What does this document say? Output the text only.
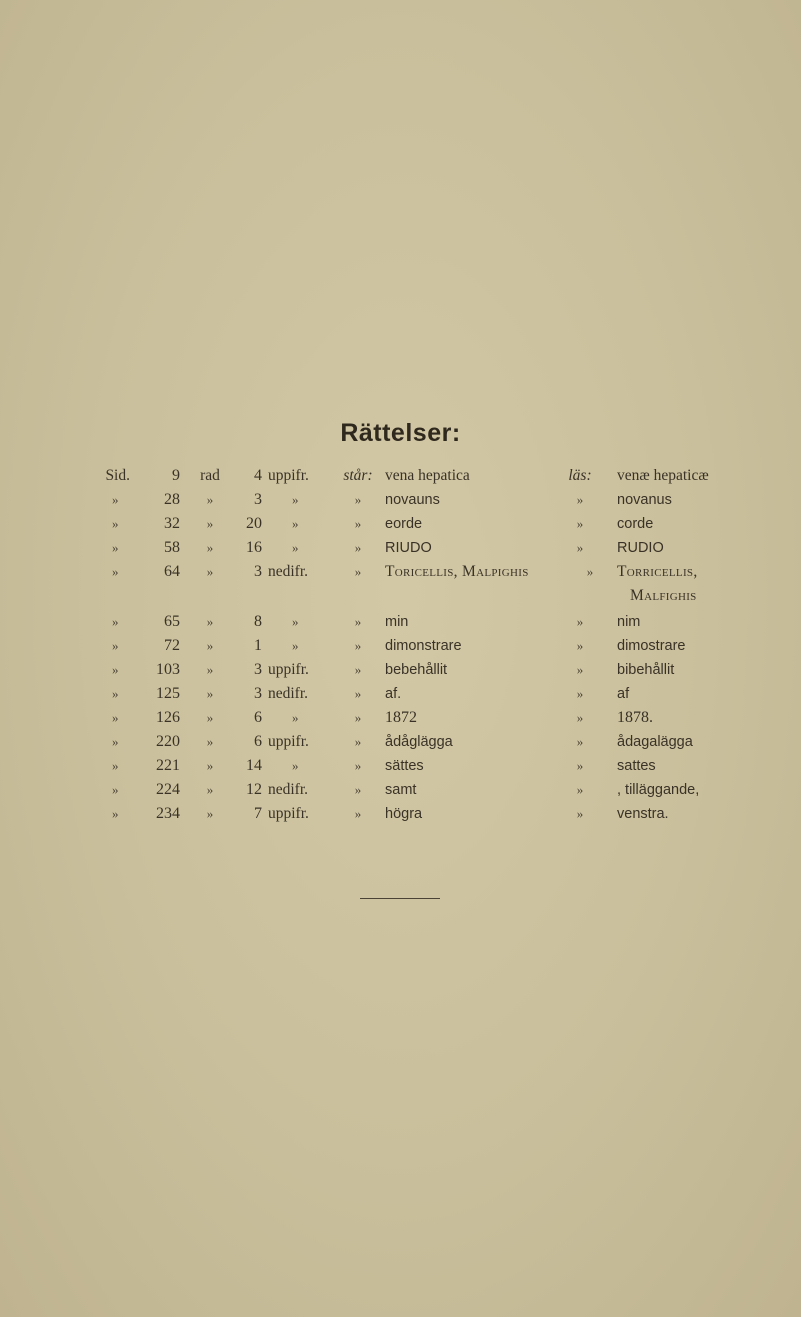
Rättelser:
Sid.	9	rad	4 uppifr.	står: vena hepatica	läs:	venæ hepaticæ
»	28	»	3	»	»	novauns	»	novanus
»	32	»	20	»	»	eorde	»	corde
»	58	»	16	»	»	RIUDO	»	RUDIO
»	64	»	3 nedifr.	»	Toricellis, Malpighis	»	Torricellis,
Malfighis
»	65	»	8	»	»	min	»	nim
»	72	»	1	»	»	dimonstrare	»	dimostrare
»	103	»	3 uppifr.	»	bebehållit	»	bibehållit
»	125	»	3 nedifr.	»	af.	»	af
»	126	»	6	»	»	1872	»	1878.
»	220	»	6 uppifr.	»	ådåglägga	»	ådagalägga
»	221	»	14	»	»	sättes	»	sattes
»	224	»	12 nedifr.	»	samt	»	, tilläggande,
»	234	»	7 uppifr.	»	högra	»	venstra.
